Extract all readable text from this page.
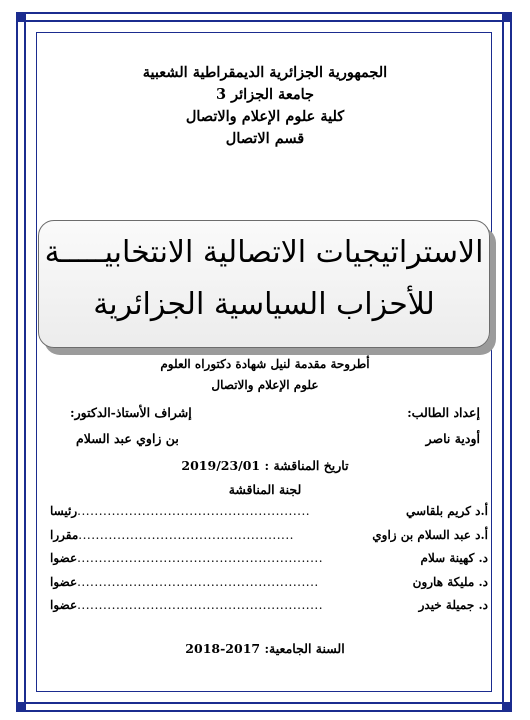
الجمهورية الجزائرية الديمقراطية الشعبية
جامعة الجزائر 3
كلية علوم الإعلام والاتصال
قسم الاتصال
الاستراتيجيات الاتصالية الانتخابيـــــة
للأحزاب السياسية الجزائرية
أطروحة مقدمة لنيل شهادة دكتوراه العلوم
علوم الإعلام والاتصال
إعداد الطالب:
إشراف الأستاذ-الدكتور:
أودية ناصر
بن زاوي عبد السلام
تاريخ المناقشة : 2019/23/01
لجنة المناقشة
أ.د كريم بلقاسي
......................................................
رئيسا
أ.د عبد السلام بن زاوي
..................................................
مقررا
د. كهينة سلام
.........................................................
عضوا
د. مليكة هارون
........................................................
عضوا
د. جميلة خيدر
.........................................................
عضوا
السنة الجامعية: 2017-2018
